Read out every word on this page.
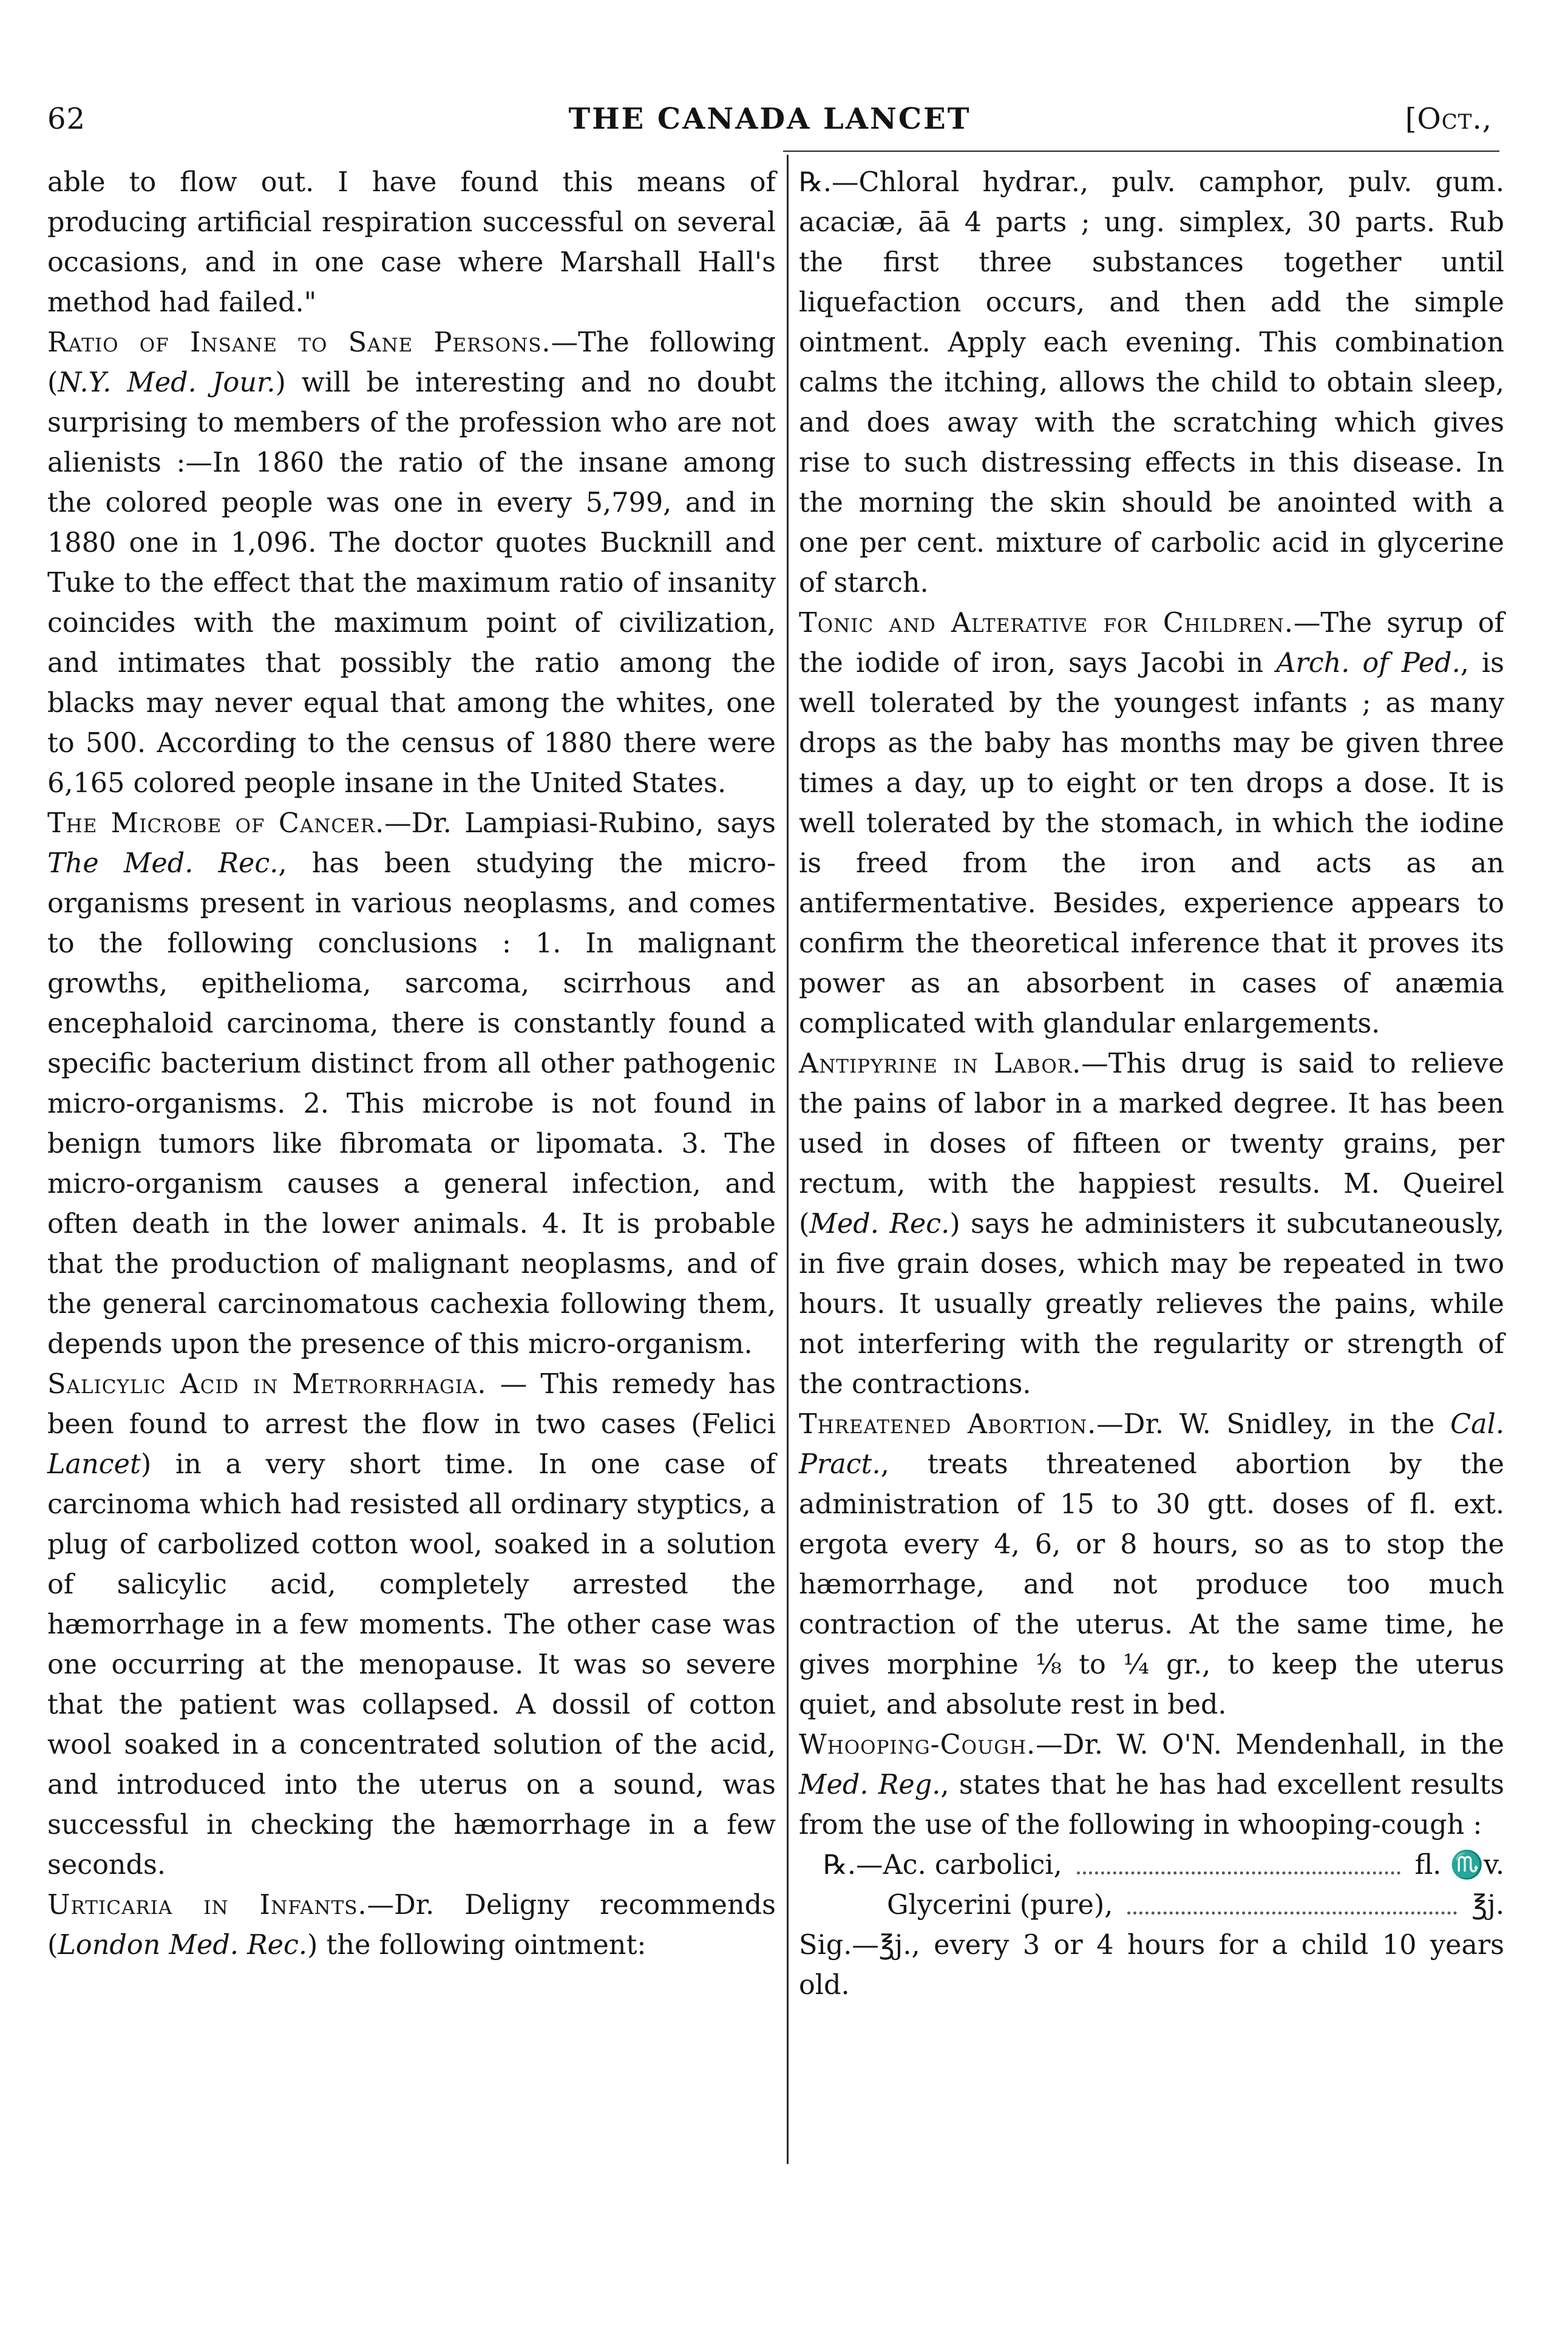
62	THE CANADA LANCET	[Oct.,

able to flow out. I have found this means of producing artificial respiration successful on several occasions, and in one case where Marshall Hall's method had failed."

Ratio of Insane to Sane Persons.—The following (N.Y. Med. Jour.) will be interesting and no doubt surprising to members of the profession who are not alienists :—In 1860 the ratio of the insane among the colored people was one in every 5,799, and in 1880 one in 1,096. The doctor quotes Bucknill and Tuke to the effect that the maximum ratio of insanity coincides with the maximum point of civilization, and intimates that possibly the ratio among the blacks may never equal that among the whites, one to 500. According to the census of 1880 there were 6,165 colored people insane in the United States.

The Microbe of Cancer.—Dr. Lampiasi-Rubino, says The Med. Rec., has been studying the micro-organisms present in various neoplasms, and comes to the following conclusions : 1. In malignant growths, epithelioma, sarcoma, scirrhous and encephaloid carcinoma, there is constantly found a specific bacterium distinct from all other pathogenic micro-organisms. 2. This microbe is not found in benign tumors like fibromata or lipomata. 3. The micro-organism causes a general infection, and often death in the lower animals. 4. It is probable that the production of malignant neoplasms, and of the general carcinomatous cachexia following them, depends upon the presence of this micro-organism.

Salicylic Acid in Metrorrhagia. — This remedy has been found to arrest the flow in two cases (Felici Lancet) in a very short time. In one case of carcinoma which had resisted all ordinary styptics, a plug of carbolized cotton wool, soaked in a solution of salicylic acid, completely arrested the hæmorrhage in a few moments. The other case was one occurring at the menopause. It was so severe that the patient was collapsed. A dossil of cotton wool soaked in a concentrated solution of the acid, and introduced into the uterus on a sound, was successful in checking the hæmorrhage in a few seconds.

Urticaria in Infants.—Dr. Deligny recommends (London Med. Rec.) the following ointment:

℞.—Chloral hydrar., pulv. camphor, pulv. gum. acaciæ, āā 4 parts ; ung. simplex, 30 parts. Rub the first three substances together until liquefaction occurs, and then add the simple ointment. Apply each evening. This combination calms the itching, allows the child to obtain sleep, and does away with the scratching which gives rise to such distressing effects in this disease. In the morning the skin should be anointed with a one per cent. mixture of carbolic acid in glycerine of starch.

Tonic and Alterative for Children.—The syrup of the iodide of iron, says Jacobi in Arch. of Ped., is well tolerated by the youngest infants ; as many drops as the baby has months may be given three times a day, up to eight or ten drops a dose. It is well tolerated by the stomach, in which the iodine is freed from the iron and acts as an antifermentative. Besides, experience appears to confirm the theoretical inference that it proves its power as an absorbent in cases of anæmia complicated with glandular enlargements.

Antipyrine in Labor.—This drug is said to relieve the pains of labor in a marked degree. It has been used in doses of fifteen or twenty grains, per rectum, with the happiest results. M. Queirel (Med. Rec.) says he administers it subcutaneously, in five grain doses, which may be repeated in two hours. It usually greatly relieves the pains, while not interfering with the regularity or strength of the contractions.

Threatened Abortion.—Dr. W. Snidley, in the Cal. Pract., treats threatened abortion by the administration of 15 to 30 gtt. doses of fl. ext. ergota every 4, 6, or 8 hours, so as to stop the hæmorrhage, and not produce too much contraction of the uterus. At the same time, he gives morphine ⅛ to ¼ gr., to keep the uterus quiet, and absolute rest in bed.

Whooping-Cough.—Dr. W. O'N. Mendenhall, in the Med. Reg., states that he has had excellent results from the use of the following in whooping-cough :

℞.—Ac. carbolici,	fl. ♏v.
Glycerini (pure),	℥j.

Sig.—℥j., every 3 or 4 hours for a child 10 years old.
